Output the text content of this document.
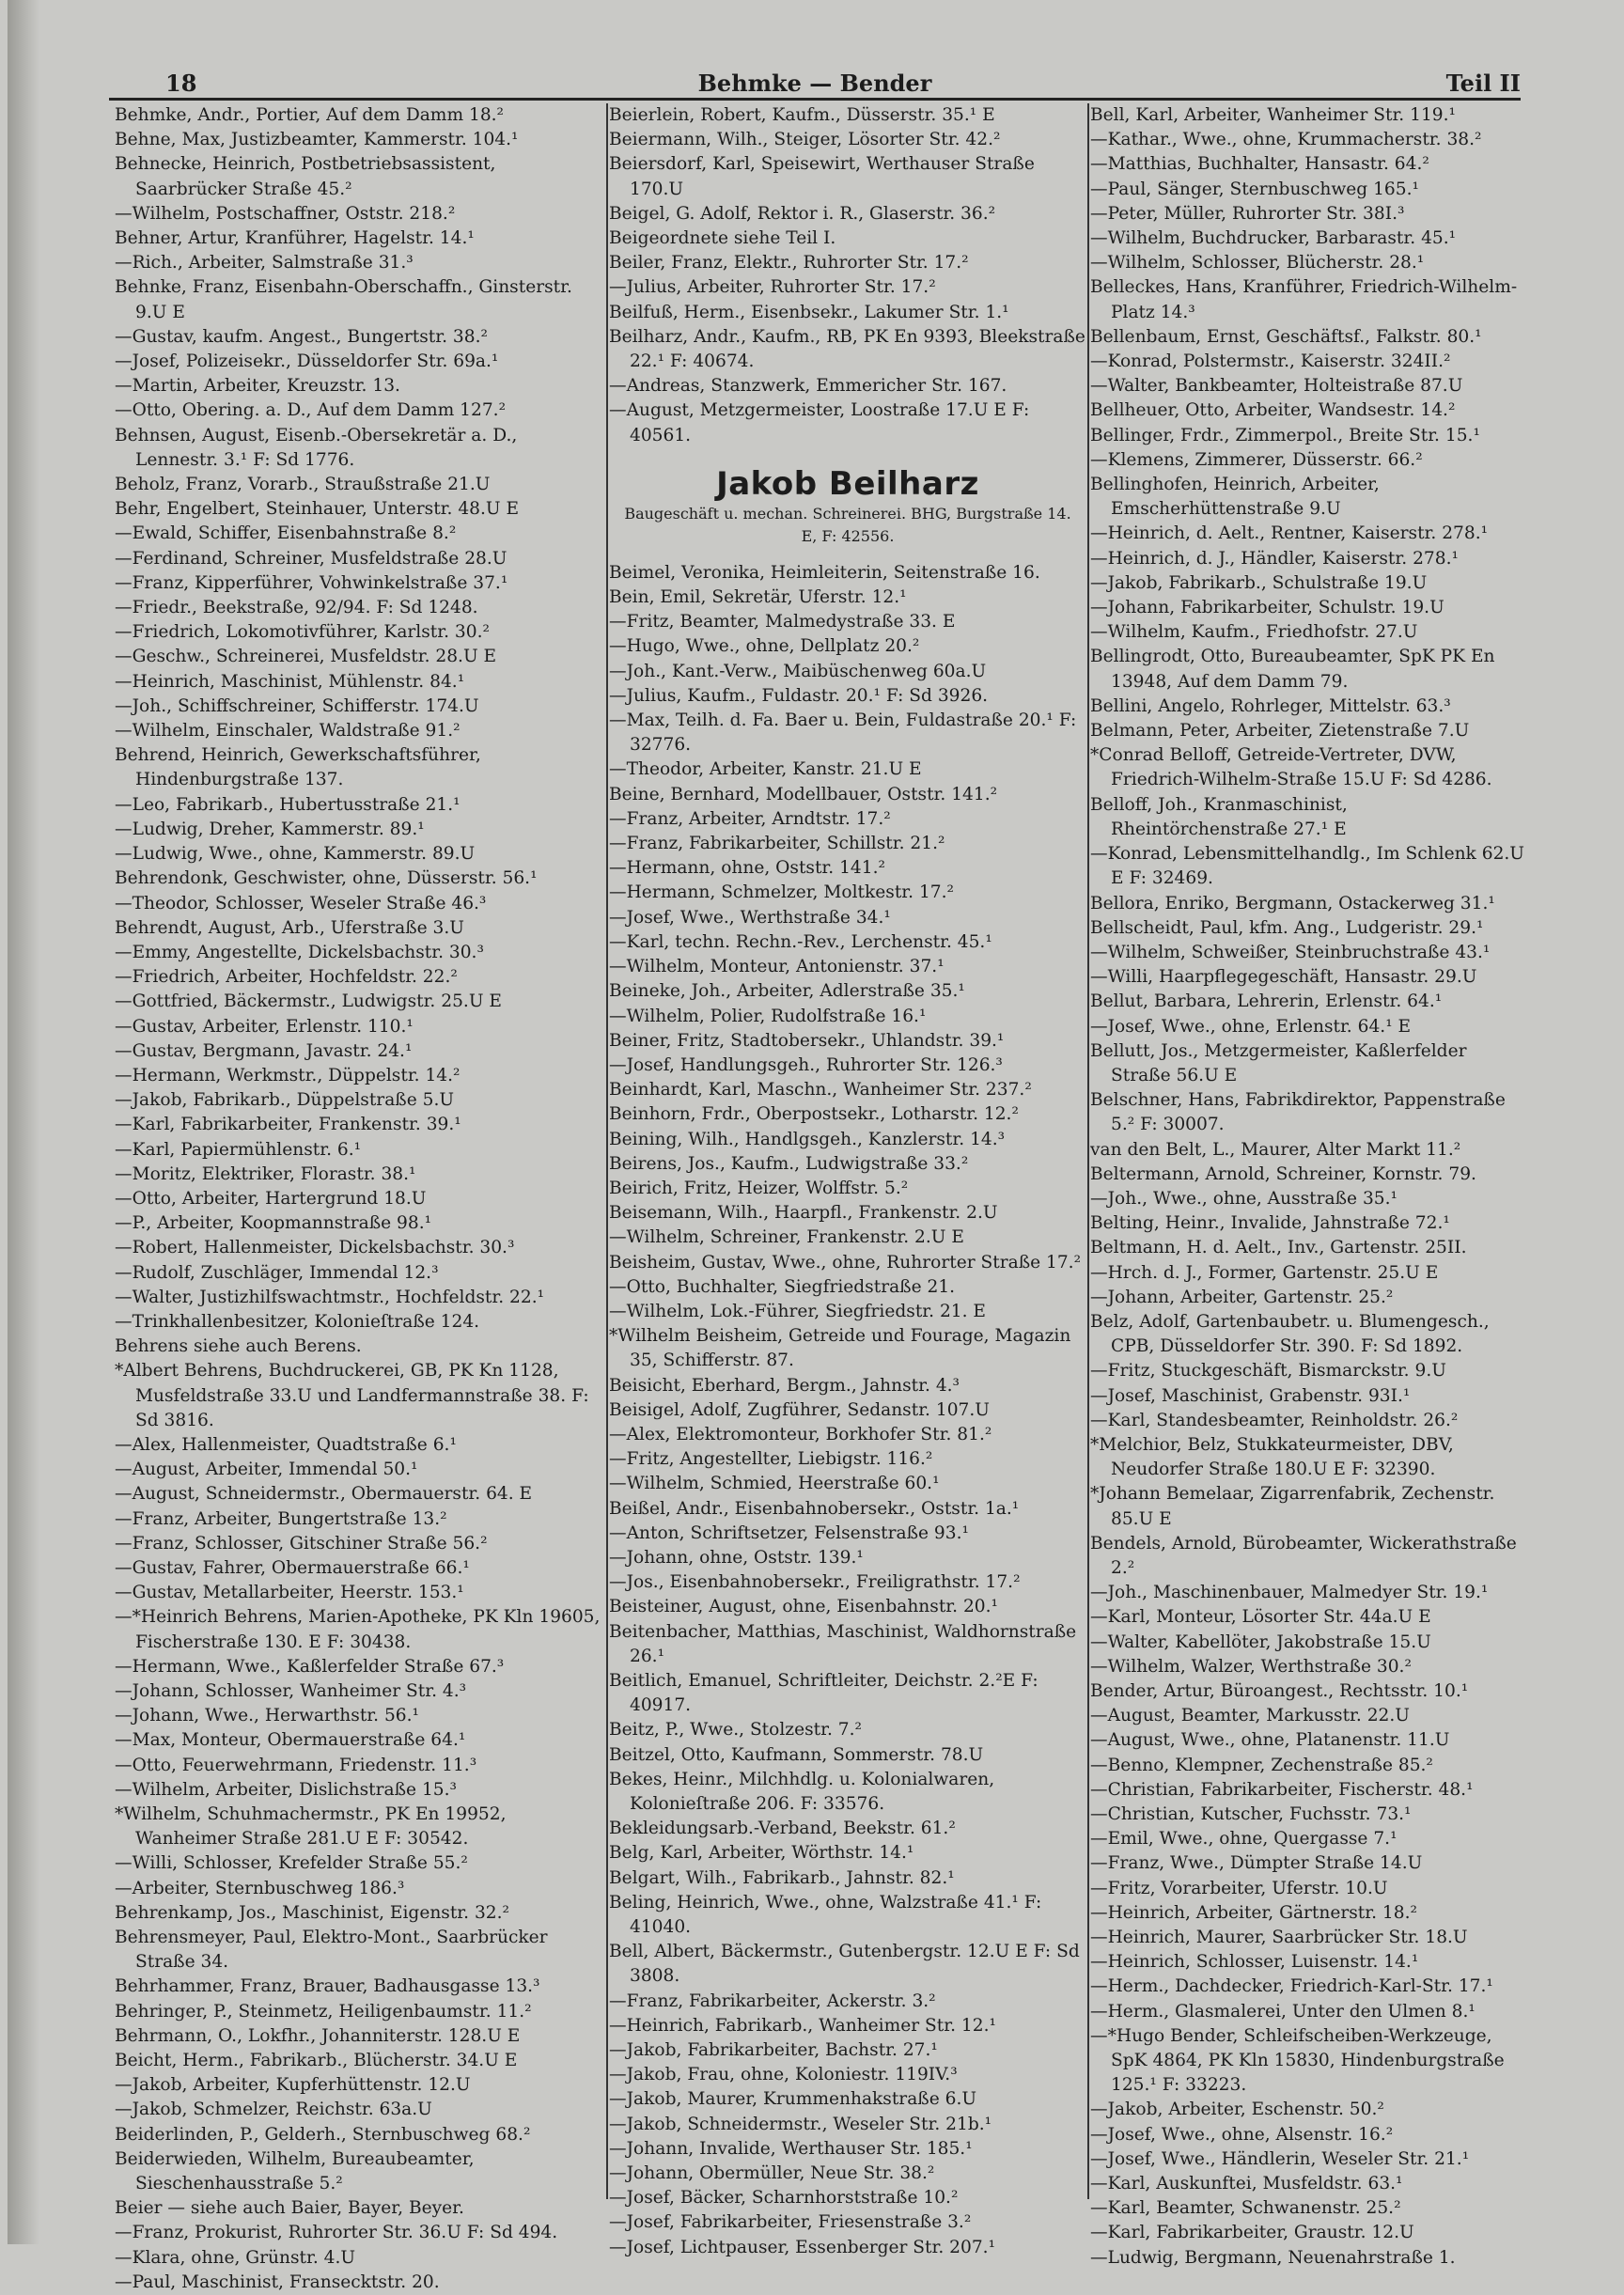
18	Behmke — Bender	Teil II
Behmke, Andr., Portier, Auf dem Damm 18.²
Behne, Max, Justizbeamter, Kammerstr. 104.¹
Behnecke, Heinrich, Postbetriebsassistent, Saarbrücker Straße 45.²
—Wilhelm, Postschaffner, Oststr. 218.²
Behner, Artur, Kranführer, Hagelstr. 14.¹
—Rich., Arbeiter, Salmstraße 31.³
Behnke, Franz, Eisenbahn-Oberschaffn., Ginsterstr. 9.U E
—Gustav, kaufm. Angest., Bungertstr. 38.²
—Josef, Polizeisekr., Düsseldorfer Str. 69a.¹
—Martin, Arbeiter, Kreuzstr. 13.
—Otto, Obering. a. D., Auf dem Damm 127.²
Behnsen, August, Eisenb.-Obersekretär a. D., Lennestr. 3.¹ F: Sd 1776.
Beholz, Franz, Vorarb., Straußstraße 21.U
Behr, Engelbert, Steinhauer, Unterstr. 48.U E
—Ewald, Schiffer, Eisenbahnstraße 8.²
—Ferdinand, Schreiner, Musfeldstraße 28.U
—Franz, Kipperführer, Vohwinkelstraße 37.¹
—Friedr., Beekstraße, 92/94. F: Sd 1248.
—Friedrich, Lokomotivführer, Karlstr. 30.²
—Geschw., Schreinerei, Musfeldstr. 28.U E
—Heinrich, Maschinist, Mühlenstr. 84.¹
—Joh., Schiffschreiner, Schifferstr. 174.U
—Wilhelm, Einschaler, Waldstraße 91.²
Behrend, Heinrich, Gewerkschaftsführer, Hindenburgstraße 137.
—Leo, Fabrikarb., Hubertusstraße 21.¹
—Ludwig, Dreher, Kammerstr. 89.¹
—Ludwig, Wwe., ohne, Kammerstr. 89.U
Behrendonk, Geschwister, ohne, Düsserstr. 56.¹
—Theodor, Schlosser, Weseler Straße 46.³
Behrendt, August, Arb., Uferstraße 3.U
—Emmy, Angestellte, Dickelsbachstr. 30.³
—Friedrich, Arbeiter, Hochfeldstr. 22.²
—Gottfried, Bäckermstr., Ludwigstr. 25.U E
—Gustav, Arbeiter, Erlenstr. 110.¹
—Gustav, Bergmann, Javastr. 24.¹
—Hermann, Werkmstr., Düppelstr. 14.²
—Jakob, Fabrikarb., Düppelstraße 5.U
—Karl, Fabrikarbeiter, Frankenstr. 39.¹
—Karl, Papiermühlenstr. 6.¹
—Moritz, Elektriker, Florastr. 38.¹
—Otto, Arbeiter, Hartergrund 18.U
—P., Arbeiter, Koopmannstraße 98.¹
—Robert, Hallenmeister, Dickelsbachstr. 30.³
—Rudolf, Zuschläger, Immendal 12.³
—Walter, Justizhilfswachtmstr., Hochfeldstr. 22.¹
—Trinkhallenbesitzer, Kolonieſtraße 124.
Behrens siehe auch Berens.
*Albert Behrens, Buchdruckerei, GB, PK Kn 1128, Musfeldstraße 33.U und Landfermannstraße 38. F: Sd 3816.
—Alex, Hallenmeister, Quadtstraße 6.¹
—August, Arbeiter, Immendal 50.¹
—August, Schneidermstr., Obermauerstr. 64. E
—Franz, Arbeiter, Bungertstraße 13.²
—Franz, Schlosser, Gitschiner Straße 56.²
—Gustav, Fahrer, Obermauerstraße 66.¹
—Gustav, Metallarbeiter, Heerstr. 153.¹
—*Heinrich Behrens, Marien-Apotheke, PK Kln 19605, Fischerstraße 130. E F: 30438.
—Hermann, Wwe., Kaßlerfelder Straße 67.³
—Johann, Schlosser, Wanheimer Str. 4.³
—Johann, Wwe., Herwarthstr. 56.¹
—Max, Monteur, Obermauerstraße 64.¹
—Otto, Feuerwehrmann, Friedenstr. 11.³
—Wilhelm, Arbeiter, Dislichstraße 15.³
*Wilhelm, Schuhmachermstr., PK En 19952, Wanheimer Straße 281.U E F: 30542.
—Willi, Schlosser, Krefelder Straße 55.²
—Arbeiter, Sternbuschweg 186.³
Behrenkamp, Jos., Maschinist, Eigenstr. 32.²
Behrensmeyer, Paul, Elektro-Mont., Saarbrücker Straße 34.
Behrhammer, Franz, Brauer, Badhausgasse 13.³
Behringer, P., Steinmetz, Heiligenbaumstr. 11.²
Behrmann, O., Lokfhr., Johanniterstr. 128.U E
Beicht, Herm., Fabrikarb., Blücherstr. 34.U E
—Jakob, Arbeiter, Kupferhüttenstr. 12.U
—Jakob, Schmelzer, Reichstr. 63a.U
Beiderlinden, P., Gelderh., Sternbuschweg 68.²
Beiderwieden, Wilhelm, Bureaubeamter, Sieschenhausstraße 5.²
Beier — siehe auch Baier, Bayer, Beyer.
—Franz, Prokurist, Ruhrorter Str. 36.U F: Sd 494.
—Klara, ohne, Grünstr. 4.U
—Paul, Maschinist, Fransecktstr. 20.
Beierlein, Robert, Kaufm., Düsserstr. 35.¹ E
Beiermann, Wilh., Steiger, Lösorter Str. 42.²
Beiersdorf, Karl, Speisewirt, Werthauser Straße 170.U
Beigel, G. Adolf, Rektor i. R., Glaserstr. 36.²
Beigeordnete siehe Teil I.
Beiler, Franz, Elektr., Ruhrorter Str. 17.²
—Julius, Arbeiter, Ruhrorter Str. 17.²
Beilfuß, Herm., Eisenbsekr., Lakumer Str. 1.¹
Beilharz, Andr., Kaufm., RB, PK En 9393, Bleekstraße 22.¹ F: 40674.
—Andreas, Stanzwerk, Emmericher Str. 167.
—August, Metzgermeister, Loostraße 17.U E F: 40561.
Jakob Beilharz
Baugeschäft u. mechan. Schreinerei. BHG, Burgstraße 14. E, F: 42556.
Beimel, Veronika, Heimleiterin, Seitenstraße 16.
Bein, Emil, Sekretär, Uferstr. 12.¹
—Fritz, Beamter, Malmedystraße 33. E
—Hugo, Wwe., ohne, Dellplatz 20.²
—Joh., Kant.-Verw., Maibüschenweg 60a.U
—Julius, Kaufm., Fuldastr. 20.¹ F: Sd 3926.
—Max, Teilh. d. Fa. Baer u. Bein, Fuldastraße 20.¹ F: 32776.
—Theodor, Arbeiter, Kanstr. 21.U E
Beine, Bernhard, Modellbauer, Oststr. 141.²
—Franz, Arbeiter, Arndtstr. 17.²
—Franz, Fabrikarbeiter, Schillstr. 21.²
—Hermann, ohne, Oststr. 141.²
—Hermann, Schmelzer, Moltkestr. 17.²
—Josef, Wwe., Werthstraße 34.¹
—Karl, techn. Rechn.-Rev., Lerchenstr. 45.¹
—Wilhelm, Monteur, Antonienstr. 37.¹
Beineke, Joh., Arbeiter, Adlerstraße 35.¹
—Wilhelm, Polier, Rudolfstraße 16.¹
Beiner, Fritz, Stadtobersekr., Uhlandstr. 39.¹
—Josef, Handlungsgeh., Ruhrorter Str. 126.³
Beinhardt, Karl, Maschn., Wanheimer Str. 237.²
Beinhorn, Frdr., Oberpostsekr., Lotharstr. 12.²
Beining, Wilh., Handlgsgeh., Kanzlerstr. 14.³
Beirens, Jos., Kaufm., Ludwigstraße 33.²
Beirich, Fritz, Heizer, Wolffstr. 5.²
Beisemann, Wilh., Haarpfl., Frankenstr. 2.U
—Wilhelm, Schreiner, Frankenstr. 2.U E
Beisheim, Gustav, Wwe., ohne, Ruhrorter Straße 17.²
—Otto, Buchhalter, Siegfriedstraße 21.
—Wilhelm, Lok.-Führer, Siegfriedstr. 21. E
*Wilhelm Beisheim, Getreide und Fourage, Magazin 35, Schifferstr. 87.
Beisicht, Eberhard, Bergm., Jahnstr. 4.³
Beisigel, Adolf, Zugführer, Sedanstr. 107.U
—Alex, Elektromonteur, Borkhofer Str. 81.²
—Fritz, Angestellter, Liebigstr. 116.²
—Wilhelm, Schmied, Heerstraße 60.¹
Beißel, Andr., Eisenbahnobersekr., Oststr. 1a.¹
—Anton, Schriftsetzer, Felsenstraße 93.¹
—Johann, ohne, Oststr. 139.¹
—Jos., Eisenbahnobersekr., Freiligrathstr. 17.²
Beisteiner, August, ohne, Eisenbahnstr. 20.¹
Beitenbacher, Matthias, Maschinist, Waldhornstraße 26.¹
Beitlich, Emanuel, Schriftleiter, Deichstr. 2.²E F: 40917.
Beitz, P., Wwe., Stolzestr. 7.²
Beitzel, Otto, Kaufmann, Sommerstr. 78.U
Bekes, Heinr., Milchhdlg. u. Kolonialwaren, Kolonieſtraße 206. F: 33576.
Bekleidungsarb.-Verband, Beekstr. 61.²
Belg, Karl, Arbeiter, Wörthstr. 14.¹
Belgart, Wilh., Fabrikarb., Jahnstr. 82.¹
Beling, Heinrich, Wwe., ohne, Walzstraße 41.¹ F: 41040.
Bell, Albert, Bäckermstr., Gutenbergstr. 12.U E F: Sd 3808.
—Franz, Fabrikarbeiter, Ackerstr. 3.²
—Heinrich, Fabrikarb., Wanheimer Str. 12.¹
—Jakob, Fabrikarbeiter, Bachstr. 27.¹
—Jakob, Frau, ohne, Koloniestr. 119IV.³
—Jakob, Maurer, Krummenhakstraße 6.U
—Jakob, Schneidermstr., Weseler Str. 21b.¹
—Johann, Invalide, Werthauser Str. 185.¹
—Johann, Obermüller, Neue Str. 38.²
—Josef, Bäcker, Scharnhorststraße 10.²
—Josef, Fabrikarbeiter, Friesenstraße 3.²
—Josef, Lichtpauser, Essenberger Str. 207.¹
Bell, Karl, Arbeiter, Wanheimer Str. 119.¹
—Kathar., Wwe., ohne, Krummacherstr. 38.²
—Matthias, Buchhalter, Hansastr. 64.²
—Paul, Sänger, Sternbuschweg 165.¹
—Peter, Müller, Ruhrorter Str. 38I.³
—Wilhelm, Buchdrucker, Barbarastr. 45.¹
—Wilhelm, Schlosser, Blücherstr. 28.¹
Belleckes, Hans, Kranführer, Friedrich-Wilhelm-Platz 14.³
Bellenbaum, Ernst, Geschäftsf., Falkstr. 80.¹
—Konrad, Polstermstr., Kaiserstr. 324II.²
—Walter, Bankbeamter, Holteistraße 87.U
Bellheuer, Otto, Arbeiter, Wandsestr. 14.²
Bellinger, Frdr., Zimmerpol., Breite Str. 15.¹
—Klemens, Zimmerer, Düsserstr. 66.²
Bellinghofen, Heinrich, Arbeiter, Emscherhüttenstraße 9.U
—Heinrich, d. Aelt., Rentner, Kaiserstr. 278.¹
—Heinrich, d. J., Händler, Kaiserstr. 278.¹
—Jakob, Fabrikarb., Schulstraße 19.U
—Johann, Fabrikarbeiter, Schulstr. 19.U
—Wilhelm, Kaufm., Friedhofstr. 27.U
Bellingrodt, Otto, Bureaubeamter, SpK PK En 13948, Auf dem Damm 79.
Bellini, Angelo, Rohrleger, Mittelstr. 63.³
Belmann, Peter, Arbeiter, Zietenstraße 7.U
*Conrad Belloff, Getreide-Vertreter, DVW, Friedrich-Wilhelm-Straße 15.U F: Sd 4286.
Belloff, Joh., Kranmaschinist, Rheintörchenstraße 27.¹ E
—Konrad, Lebensmittelhandlg., Im Schlenk 62.U E F: 32469.
Bellora, Enriko, Bergmann, Ostackerweg 31.¹
Bellscheidt, Paul, kfm. Ang., Ludgeristr. 29.¹
—Wilhelm, Schweißer, Steinbruchstraße 43.¹
—Willi, Haarpflegegeschäft, Hansastr. 29.U
Bellut, Barbara, Lehrerin, Erlenstr. 64.¹
—Josef, Wwe., ohne, Erlenstr. 64.¹ E
Bellutt, Jos., Metzgermeister, Kaßlerfelder Straße 56.U E
Belschner, Hans, Fabrikdirektor, Pappenstraße 5.² F: 30007.
van den Belt, L., Maurer, Alter Markt 11.²
Beltermann, Arnold, Schreiner, Kornstr. 79.
—Joh., Wwe., ohne, Ausstraße 35.¹
Belting, Heinr., Invalide, Jahnstraße 72.¹
Beltmann, H. d. Aelt., Inv., Gartenstr. 25II.
—Hrch. d. J., Former, Gartenstr. 25.U E
—Johann, Arbeiter, Gartenstr. 25.²
Belz, Adolf, Gartenbaubetr. u. Blumengesch., CPB, Düsseldorfer Str. 390. F: Sd 1892.
—Fritz, Stuckgeschäft, Bismarckstr. 9.U
—Josef, Maschinist, Grabenstr. 93I.¹
—Karl, Standesbeamter, Reinholdstr. 26.²
*Melchior, Belz, Stukkateurmeister, DBV, Neudorfer Straße 180.U E F: 32390.
*Johann Bemelaar, Zigarrenfabrik, Zechenstr. 85.U E
Bendels, Arnold, Bürobeamter, Wickerathstraße 2.²
—Joh., Maschinenbauer, Malmedyer Str. 19.¹
—Karl, Monteur, Lösorter Str. 44a.U E
—Walter, Kabellöter, Jakobstraße 15.U
—Wilhelm, Walzer, Werthstraße 30.²
Bender, Artur, Büroangest., Rechtsstr. 10.¹
—August, Beamter, Markusstr. 22.U
—August, Wwe., ohne, Platanenstr. 11.U
—Benno, Klempner, Zechenstraße 85.²
—Christian, Fabrikarbeiter, Fischerstr. 48.¹
—Christian, Kutscher, Fuchsstr. 73.¹
—Emil, Wwe., ohne, Quergasse 7.¹
—Franz, Wwe., Dümpter Straße 14.U
—Fritz, Vorarbeiter, Uferstr. 10.U
—Heinrich, Arbeiter, Gärtnerstr. 18.²
—Heinrich, Maurer, Saarbrücker Str. 18.U
—Heinrich, Schlosser, Luisenstr. 14.¹
—Herm., Dachdecker, Friedrich-Karl-Str. 17.¹
—Herm., Glasmalerei, Unter den Ulmen 8.¹
—*Hugo Bender, Schleifscheiben-Werkzeuge, SpK 4864, PK Kln 15830, Hindenburgstraße 125.¹ F: 33223.
—Jakob, Arbeiter, Eschenstr. 50.²
—Josef, Wwe., ohne, Alsenstr. 16.²
—Josef, Wwe., Händlerin, Weseler Str. 21.¹
—Karl, Auskunftei, Musfeldstr. 63.¹
—Karl, Beamter, Schwanenstr. 25.²
—Karl, Fabrikarbeiter, Graustr. 12.U
—Ludwig, Bergmann, Neuenahrstraße 1.
